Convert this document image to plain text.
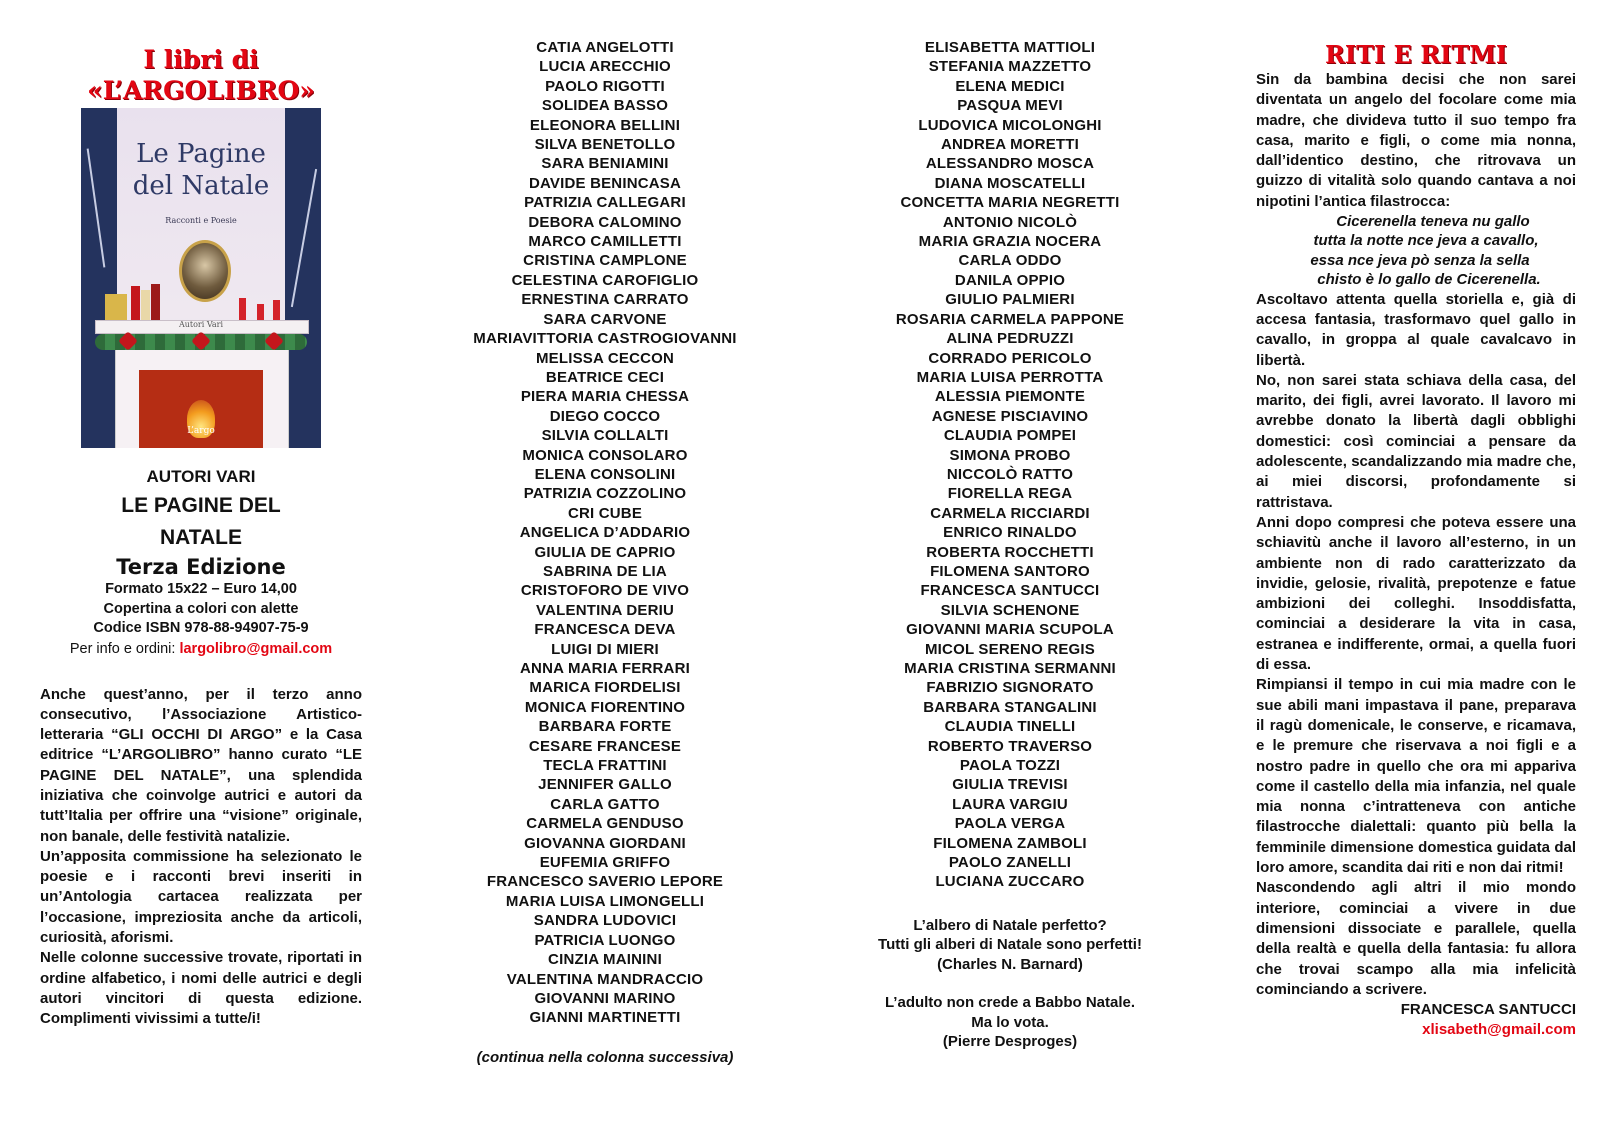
I libri di
«L’ARGOLIBRO»
Le Pagine
del Natale
Racconti e Poesie
Autori Vari
L’argo
AUTORI VARI
LE PAGINE DEL
NATALE
Terza Edizione
Formato 15x22 – Euro 14,00
Copertina a colori con alette
Codice ISBN 978-88-94907-75-9
Per info e ordini: largolibro@gmail.com

Anche quest’anno, per il terzo anno consecutivo, l’Associazione Artistico-letteraria “GLI OCCHI DI ARGO” e la Casa editrice “L’ARGOLIBRO” hanno curato “LE PAGINE DEL NATALE”, una splendida iniziativa che coinvolge autrici e autori da tutt’Italia per offrire una “visione” originale, non banale, delle festività natalizie.

Un’apposita commissione ha selezionato le poesie e i racconti brevi inseriti in un’Antologia cartacea realizzata per l’occasione, impreziosita anche da articoli, curiosità, aforismi.

Nelle colonne successive trovate, riportati in ordine alfabetico, i nomi delle autrici e degli autori vincitori di questa edizione. Complimenti vivissimi a tutte/i!

CATIA ANGELOTTI
LUCIA ARECCHIO
PAOLO RIGOTTI
SOLIDEA BASSO
ELEONORA BELLINI
SILVA BENETOLLO
SARA BENIAMINI
DAVIDE BENINCASA
PATRIZIA CALLEGARI
DEBORA CALOMINO
MARCO CAMILLETTI
CRISTINA CAMPLONE
CELESTINA CAROFIGLIO
ERNESTINA CARRATO
SARA CARVONE
MARIAVITTORIA CASTROGIOVANNI
MELISSA CECCON
BEATRICE CECI
PIERA MARIA CHESSA
DIEGO COCCO
SILVIA COLLALTI
MONICA CONSOLARO
ELENA CONSOLINI
PATRIZIA COZZOLINO
CRI CUBE
ANGELICA D’ADDARIO
GIULIA DE CAPRIO
SABRINA DE LIA
CRISTOFORO DE VIVO
VALENTINA DERIU
FRANCESCA DEVA
LUIGI DI MIERI
ANNA MARIA FERRARI
MARICA FIORDELISI
MONICA FIORENTINO
BARBARA FORTE
CESARE FRANCESE
TECLA FRATTINI
JENNIFER GALLO
CARLA GATTO
CARMELA GENDUSO
GIOVANNA GIORDANI
EUFEMIA GRIFFO
FRANCESCO SAVERIO LEPORE
MARIA LUISA LIMONGELLI
SANDRA LUDOVICI
PATRICIA LUONGO
CINZIA MAININI
VALENTINA MANDRACCIO
GIOVANNI MARINO
GIANNI MARTINETTI
(continua nella colonna successiva)
ELISABETTA MATTIOLI
STEFANIA MAZZETTO
ELENA MEDICI
PASQUA MEVI
LUDOVICA MICOLONGHI
ANDREA MORETTI
ALESSANDRO MOSCA
DIANA MOSCATELLI
CONCETTA MARIA NEGRETTI
ANTONIO NICOLÒ
MARIA GRAZIA NOCERA
CARLA ODDO
DANILA OPPIO
GIULIO PALMIERI
ROSARIA CARMELA PAPPONE
ALINA PEDRUZZI
CORRADO PERICOLO
MARIA LUISA PERROTTA
ALESSIA PIEMONTE
AGNESE PISCIAVINO
CLAUDIA POMPEI
SIMONA PROBO
NICCOLÒ RATTO
FIORELLA REGA
CARMELA RICCIARDI
ENRICO RINALDO
ROBERTA ROCCHETTI
FILOMENA SANTORO
FRANCESCA SANTUCCI
SILVIA SCHENONE
GIOVANNI MARIA SCUPOLA
MICOL SERENO REGIS
MARIA CRISTINA SERMANNI
FABRIZIO SIGNORATO
BARBARA STANGALINI
CLAUDIA TINELLI
ROBERTO TRAVERSO
PAOLA TOZZI
GIULIA TREVISI
LAURA VARGIU
PAOLA VERGA
FILOMENA ZAMBOLI
PAOLO ZANELLI
LUCIANA ZUCCARO
L’albero di Natale perfetto?
Tutti gli alberi di Natale sono perfetti!
(Charles N. Barnard)
L’adulto non crede a Babbo Natale.
Ma lo vota.
(Pierre Desproges)
RITI E RITMI

Sin da bambina decisi che non sarei diventata un angelo del focolare come mia madre, che divideva tutto il suo tempo fra casa, marito e figli, o come mia nonna, dall’identico destino, che ritrovava un guizzo di vitalità solo quando cantava a noi nipotini l’antica filastrocca:

Cicerenella teneva nu gallo
tutta la notte nce jeva a cavallo,
essa nce jeva pò senza la sella
chisto è lo gallo de Cicerenella.

Ascoltavo attenta quella storiella e, già di accesa fantasia, trasformavo quel gallo in cavallo, in groppa al quale cavalcavo in libertà.

No, non sarei stata schiava della casa, del marito, dei figli, avrei lavorato. Il lavoro mi avrebbe donato la libertà dagli obblighi domestici: così cominciai a pensare da adolescente, scandalizzando mia madre che, ai miei discorsi, profondamente si rattristava.

Anni dopo compresi che poteva essere una schiavitù anche il lavoro all’esterno, in un ambiente non di rado caratterizzato da invidie, gelosie, rivalità, prepotenze e fatue ambizioni dei colleghi. Insoddisfatta, cominciai a desiderare la vita in casa, estranea e indifferente, ormai, a quella fuori di essa.

Rimpiansi il tempo in cui mia madre con le sue abili mani impastava il pane, preparava il ragù domenicale, le conserve, e ricamava, e le premure che riservava a noi figli e a nostro padre in quello che ora mi appariva come il castello della mia infanzia, nel quale mia nonna c’intratteneva con antiche filastrocche dialettali: quanto più bella la femminile dimensione domestica guidata dal loro amore, scandita dai riti e non dai ritmi!

Nascondendo agli altri il mio mondo interiore, cominciai a vivere in due dimensioni dissociate e parallele, quella della realtà e quella della fantasia: fu allora che trovai scampo alla mia infelicità cominciando a scrivere.

FRANCESCA SANTUCCI
xlisabeth@gmail.com
